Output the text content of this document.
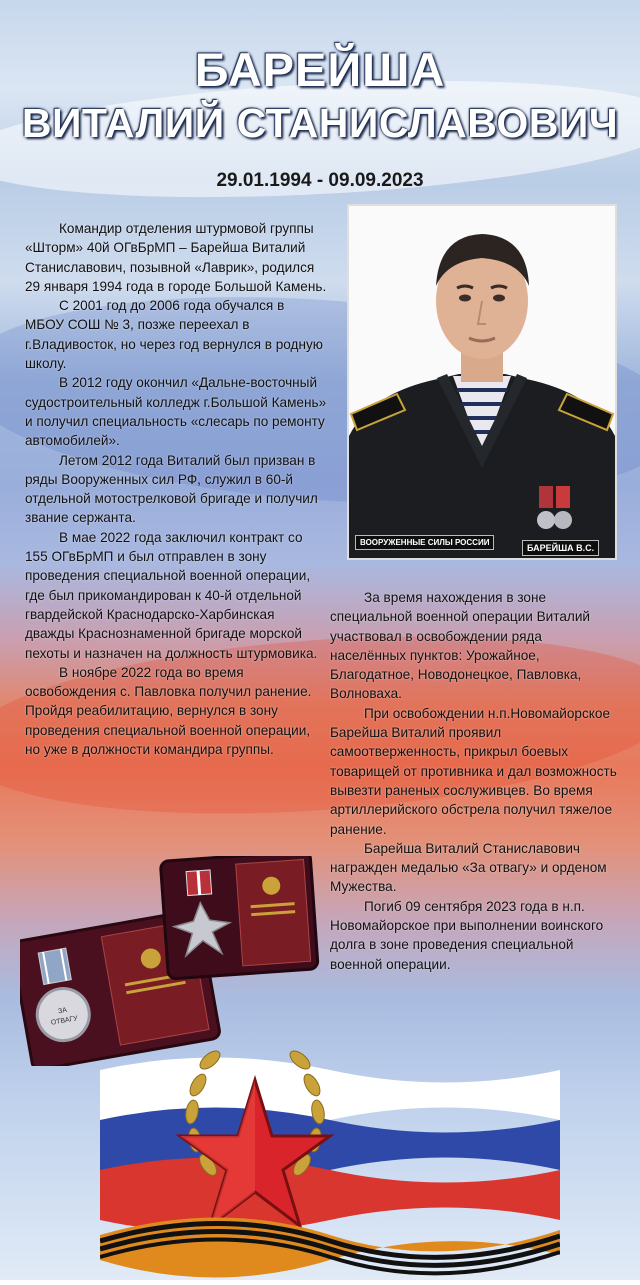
БАРЕЙША
ВИТАЛИЙ СТАНИСЛАВОВИЧ
29.01.1994 - 09.09.2023

Командир отделения штурмовой группы «Шторм» 40й ОГвБрМП – Барейша Виталий Станиславович, позывной «Лаврик», родился 29 января 1994 года в городе Большой Камень.

С 2001 год до 2006 года обучался в МБОУ СОШ № 3, позже переехал в г.Владивосток, но через год вернулся в родную школу.

В 2012 году окончил «Дальне-восточный судостроительный колледж г.Большой Камень» и получил специальность «слесарь по ремонту автомобилей».

Летом 2012 года Виталий был призван в ряды Вооруженных сил РФ, служил в 60-й отдельной мотострелковой бригаде и получил звание сержанта.

В мае 2022 года заключил контракт со 155 ОГвБрМП и был отправлен в зону проведения специальной военной операции, где был прикомандирован к 40-й отдельной гвардейской Краснодарско-Харбинская дважды Краснознаменной бригаде морской пехоты и назначен на должность штурмовика.

В ноябре 2022 года во время освобождения с. Павловка получил ранение. Пройдя реабилитацию, вернулся в зону проведения специальной военной операции, но уже в должности командира группы.

ВООРУЖЕННЫЕ СИЛЫ РОССИИ
БАРЕЙША В.С.

За время нахождения в зоне специальной военной операции Виталий участвовал в освобождении ряда населённых пунктов: Урожайное, Благодатное, Новодонецкое, Павловка, Волноваха.

При освобождении н.п.Новомайорское Барейша Виталий проявил самоотверженность, прикрыл боевых товарищей от противника и дал возможность вывезти раненых сослуживцев. Во время артиллерийского обстрела получил тяжелое ранение.

Барейша Виталий Станиславович награжден медалью «За отвагу» и орденом Мужества.

Погиб 09 сентября 2023 года в н.п. Новомайорское при выполнении воинского долга в зоне проведения специальной военной операции.

ЗА
ОТВАГУ
